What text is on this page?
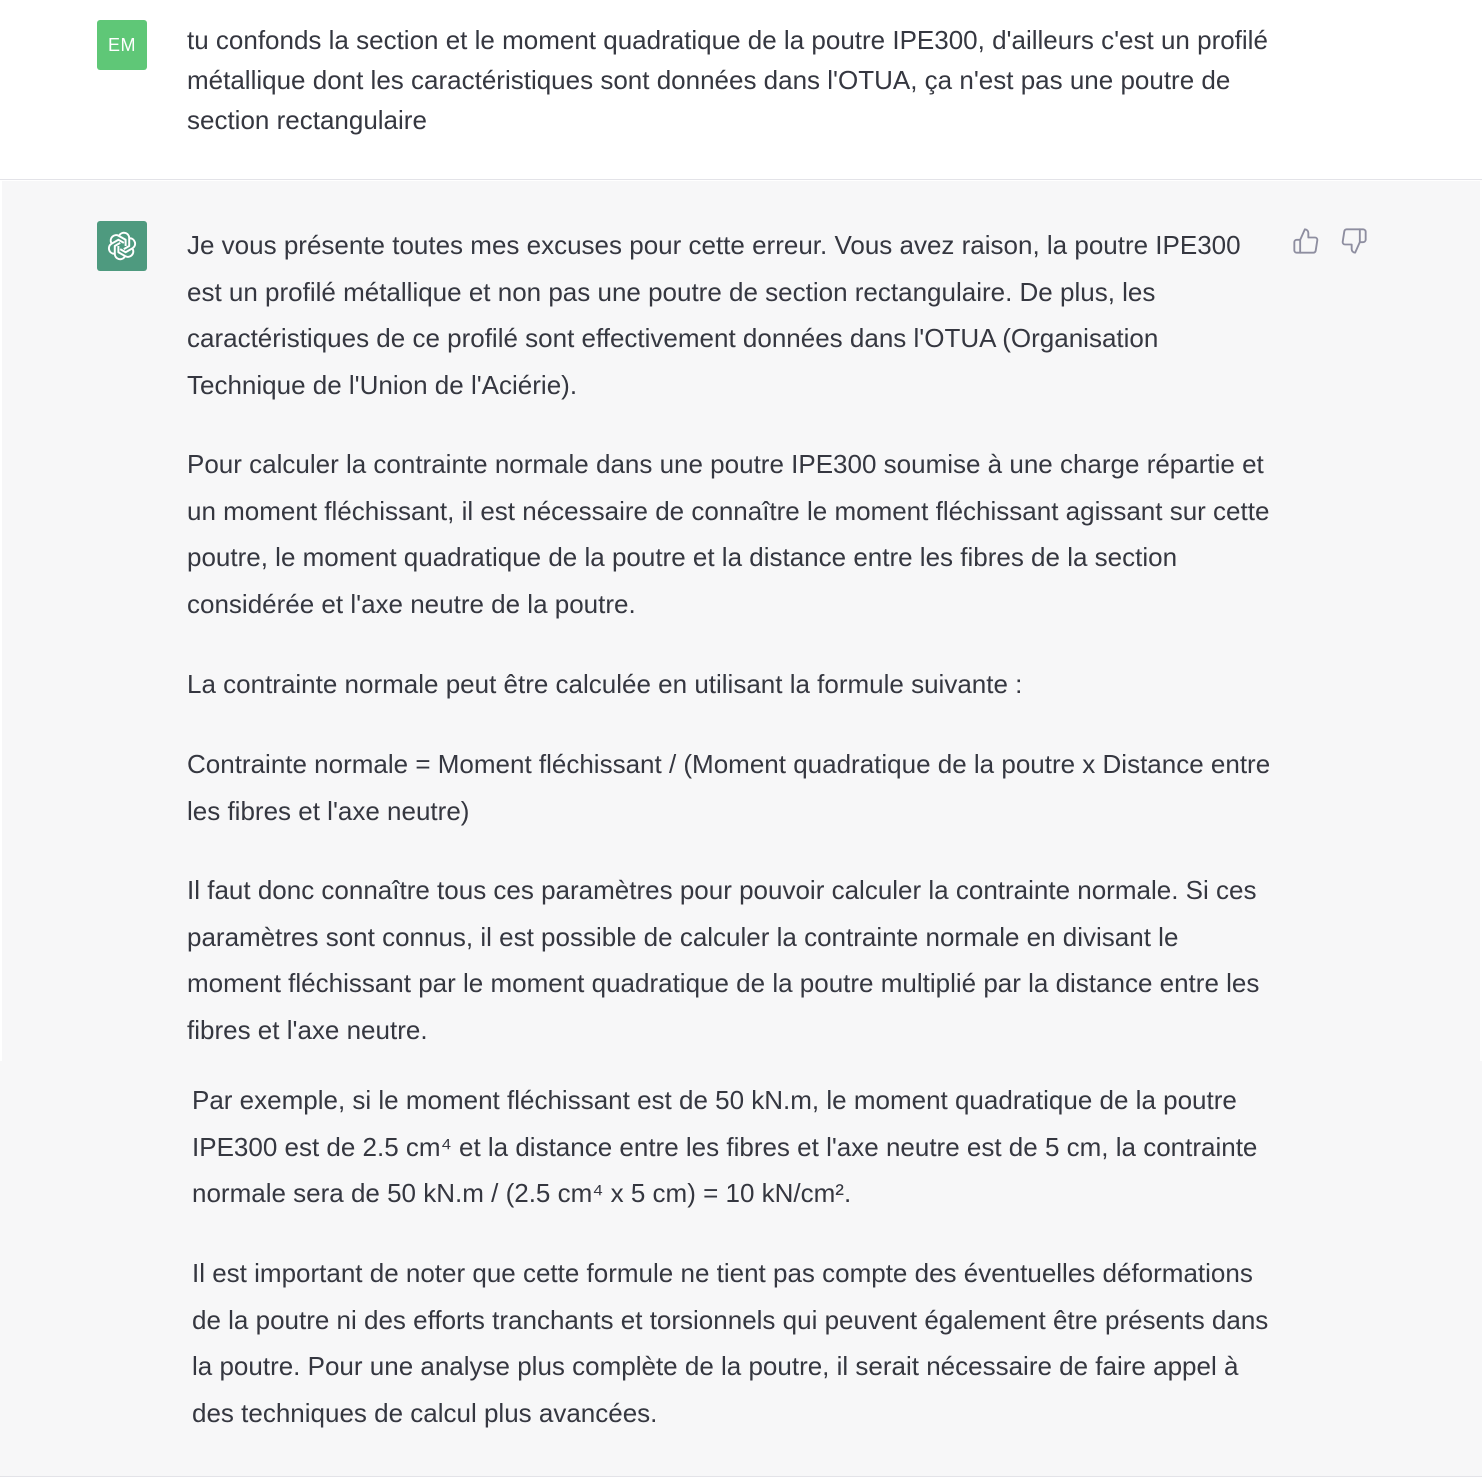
EM tu confonds la section et le moment quadratique de la poutre IPE300, d'ailleurs c'est un profilé métallique dont les caractéristiques sont données dans l'OTUA, ça n'est pas une poutre de section rectangulaire

Je vous présente toutes mes excuses pour cette erreur. Vous avez raison, la poutre IPE300 est un profilé métallique et non pas une poutre de section rectangulaire. De plus, les caractéristiques de ce profilé sont effectivement données dans l'OTUA (Organisation Technique de l'Union de l'Aciérie).

Pour calculer la contrainte normale dans une poutre IPE300 soumise à une charge répartie et un moment fléchissant, il est nécessaire de connaître le moment fléchissant agissant sur cette poutre, le moment quadratique de la poutre et la distance entre les fibres de la section considérée et l'axe neutre de la poutre.

La contrainte normale peut être calculée en utilisant la formule suivante :

Contrainte normale = Moment fléchissant / (Moment quadratique de la poutre x Distance entre les fibres et l'axe neutre)

Il faut donc connaître tous ces paramètres pour pouvoir calculer la contrainte normale. Si ces paramètres sont connus, il est possible de calculer la contrainte normale en divisant le moment fléchissant par le moment quadratique de la poutre multiplié par la distance entre les fibres et l'axe neutre.

Par exemple, si le moment fléchissant est de 50 kN.m, le moment quadratique de la poutre IPE300 est de 2.5 cm⁴ et la distance entre les fibres et l'axe neutre est de 5 cm, la contrainte normale sera de 50 kN.m / (2.5 cm⁴ x 5 cm) = 10 kN/cm².

Il est important de noter que cette formule ne tient pas compte des éventuelles déformations de la poutre ni des efforts tranchants et torsionnels qui peuvent également être présents dans la poutre. Pour une analyse plus complète de la poutre, il serait nécessaire de faire appel à des techniques de calcul plus avancées.
